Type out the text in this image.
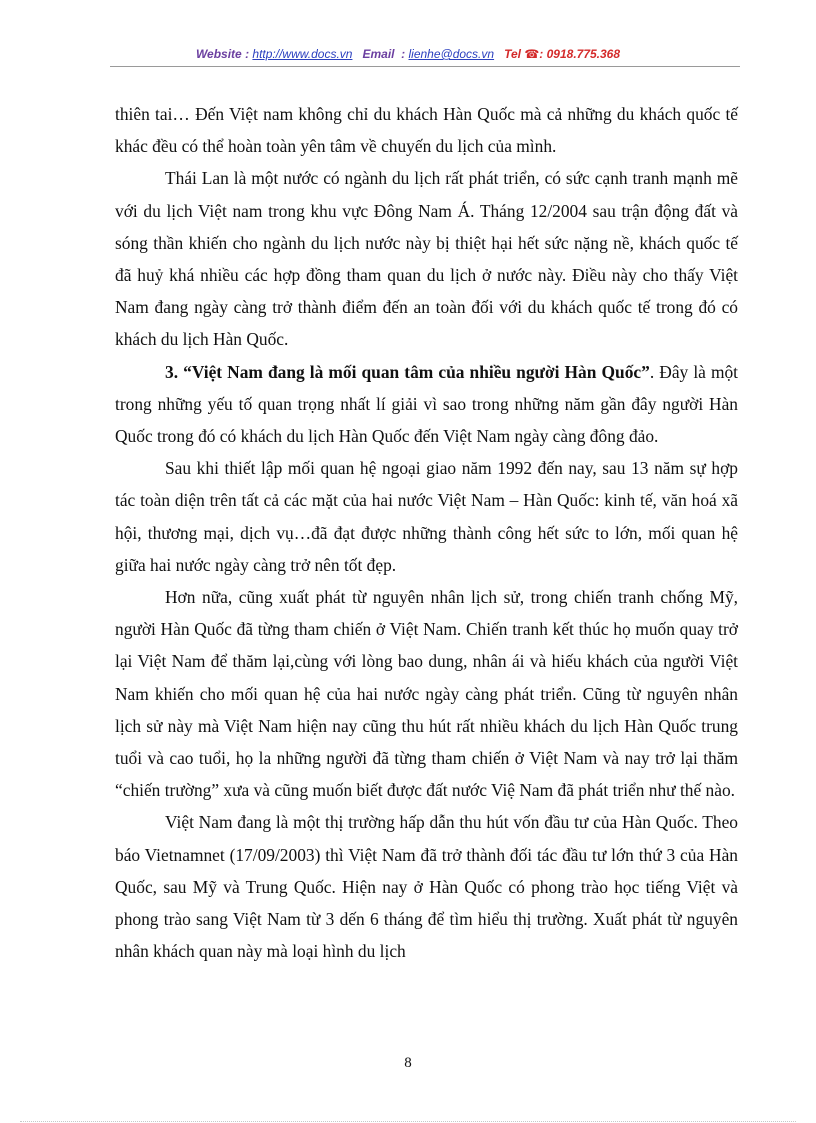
Website : http://www.docs.vn Email : lienhe@docs.vn Tel ☎: 0918.775.368

thiên tai… Đến Việt nam không chỉ du khách Hàn Quốc mà cả những du khách quốc tế khác đều có thể hoàn toàn yên tâm về chuyến du lịch của mình.

Thái Lan là một nước có ngành du lịch rất phát triển, có sức cạnh tranh mạnh mẽ với du lịch Việt nam trong khu vực Đông Nam Á. Tháng 12/2004 sau trận động đất và sóng thần khiến cho ngành du lịch nước này bị thiệt hại hết sức nặng nề, khách quốc tế đã huỷ khá nhiều các hợp đồng tham quan du lịch ở nước này. Điều này cho thấy Việt Nam đang ngày càng trở thành điểm đến an toàn đối với du khách quốc tế trong đó có khách du lịch Hàn Quốc.

3. “Việt Nam đang là mối quan tâm của nhiều người Hàn Quốc”. Đây là một trong những yếu tố quan trọng nhất lí giải vì sao trong những năm gần đây người Hàn Quốc trong đó có khách du lịch Hàn Quốc đến Việt Nam ngày càng đông đảo.

Sau khi thiết lập mối quan hệ ngoại giao năm 1992 đến nay, sau 13 năm sự hợp tác toàn diện trên tất cả các mặt của hai nước Việt Nam – Hàn Quốc: kinh tế, văn hoá xã hội, thương mại, dịch vụ…đã đạt được những thành công hết sức to lớn, mối quan hệ giữa hai nước ngày càng trở nên tốt đẹp.

Hơn nữa, cũng xuất phát từ nguyên nhân lịch sử, trong chiến tranh chống Mỹ, người Hàn Quốc đã từng tham chiến ở Việt Nam. Chiến tranh kết thúc họ muốn quay trở lại Việt Nam để thăm lại,cùng với lòng bao dung, nhân ái và hiếu khách của người Việt Nam khiến cho mối quan hệ của hai nước ngày càng phát triển. Cũng từ nguyên nhân lịch sử này mà Việt Nam hiện nay cũng thu hút rất nhiều khách du lịch Hàn Quốc trung tuổi và cao tuổi, họ la những người đã từng tham chiến ở Việt Nam và nay trở lại thăm “chiến trường” xưa và cũng muốn biết được đất nước Việ Nam đã phát triển như thế nào.

Việt Nam đang là một thị trường hấp dẫn thu hút vốn đầu tư của Hàn Quốc. Theo báo Vietnamnet (17/09/2003) thì Việt Nam đã trở thành đối tác đầu tư lớn thứ 3 của Hàn Quốc, sau Mỹ và Trung Quốc. Hiện nay ở Hàn Quốc có phong trào học tiếng Việt và phong trào sang Việt Nam từ 3 dến 6 tháng để tìm hiểu thị trường. Xuất phát từ nguyên nhân khách quan này mà loại hình du lịch

8
